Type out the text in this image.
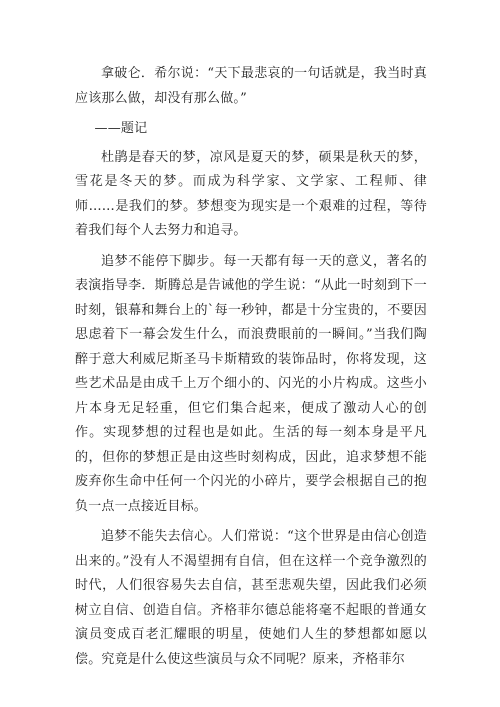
拿破仑．希尔说：“天下最悲哀的一句话就是，我当时真应该那么做，却没有那么做。”

——题记

杜鹃是春天的梦，凉风是夏天的梦，硕果是秋天的梦，雪花是冬天的梦。而成为科学家、文学家、工程师、律师……是我们的梦。梦想变为现实是一个艰难的过程，等待着我们每个人去努力和追寻。

追梦不能停下脚步。每一天都有每一天的意义，著名的表演指导李．斯腾总是告诫他的学生说：“从此一时刻到下一时刻，银幕和舞台上的`每一秒钟，都是十分宝贵的，不要因思虑着下一幕会发生什么，而浪费眼前的一瞬间。”当我们陶醉于意大利威尼斯圣马卡斯精致的装饰品时，你将发现，这些艺术品是由成千上万个细小的、闪光的小片构成。这些小片本身无足轻重，但它们集合起来，便成了激动人心的创作。实现梦想的过程也是如此。生活的每一刻本身是平凡的，但你的梦想正是由这些时刻构成，因此，追求梦想不能废弃你生命中任何一个闪光的小碎片，要学会根据自己的抱负一点一点接近目标。

追梦不能失去信心。人们常说：“这个世界是由信心创造出来的。”没有人不渴望拥有自信，但在这样一个竞争激烈的时代，人们很容易失去自信，甚至悲观失望，因此我们必须树立自信、创造自信。齐格菲尔德总能将毫不起眼的普通女演员变成百老汇耀眼的明星，使她们人生的梦想都如愿以偿。究竟是什么使这些演员与众不同呢？原来，齐格菲尔
